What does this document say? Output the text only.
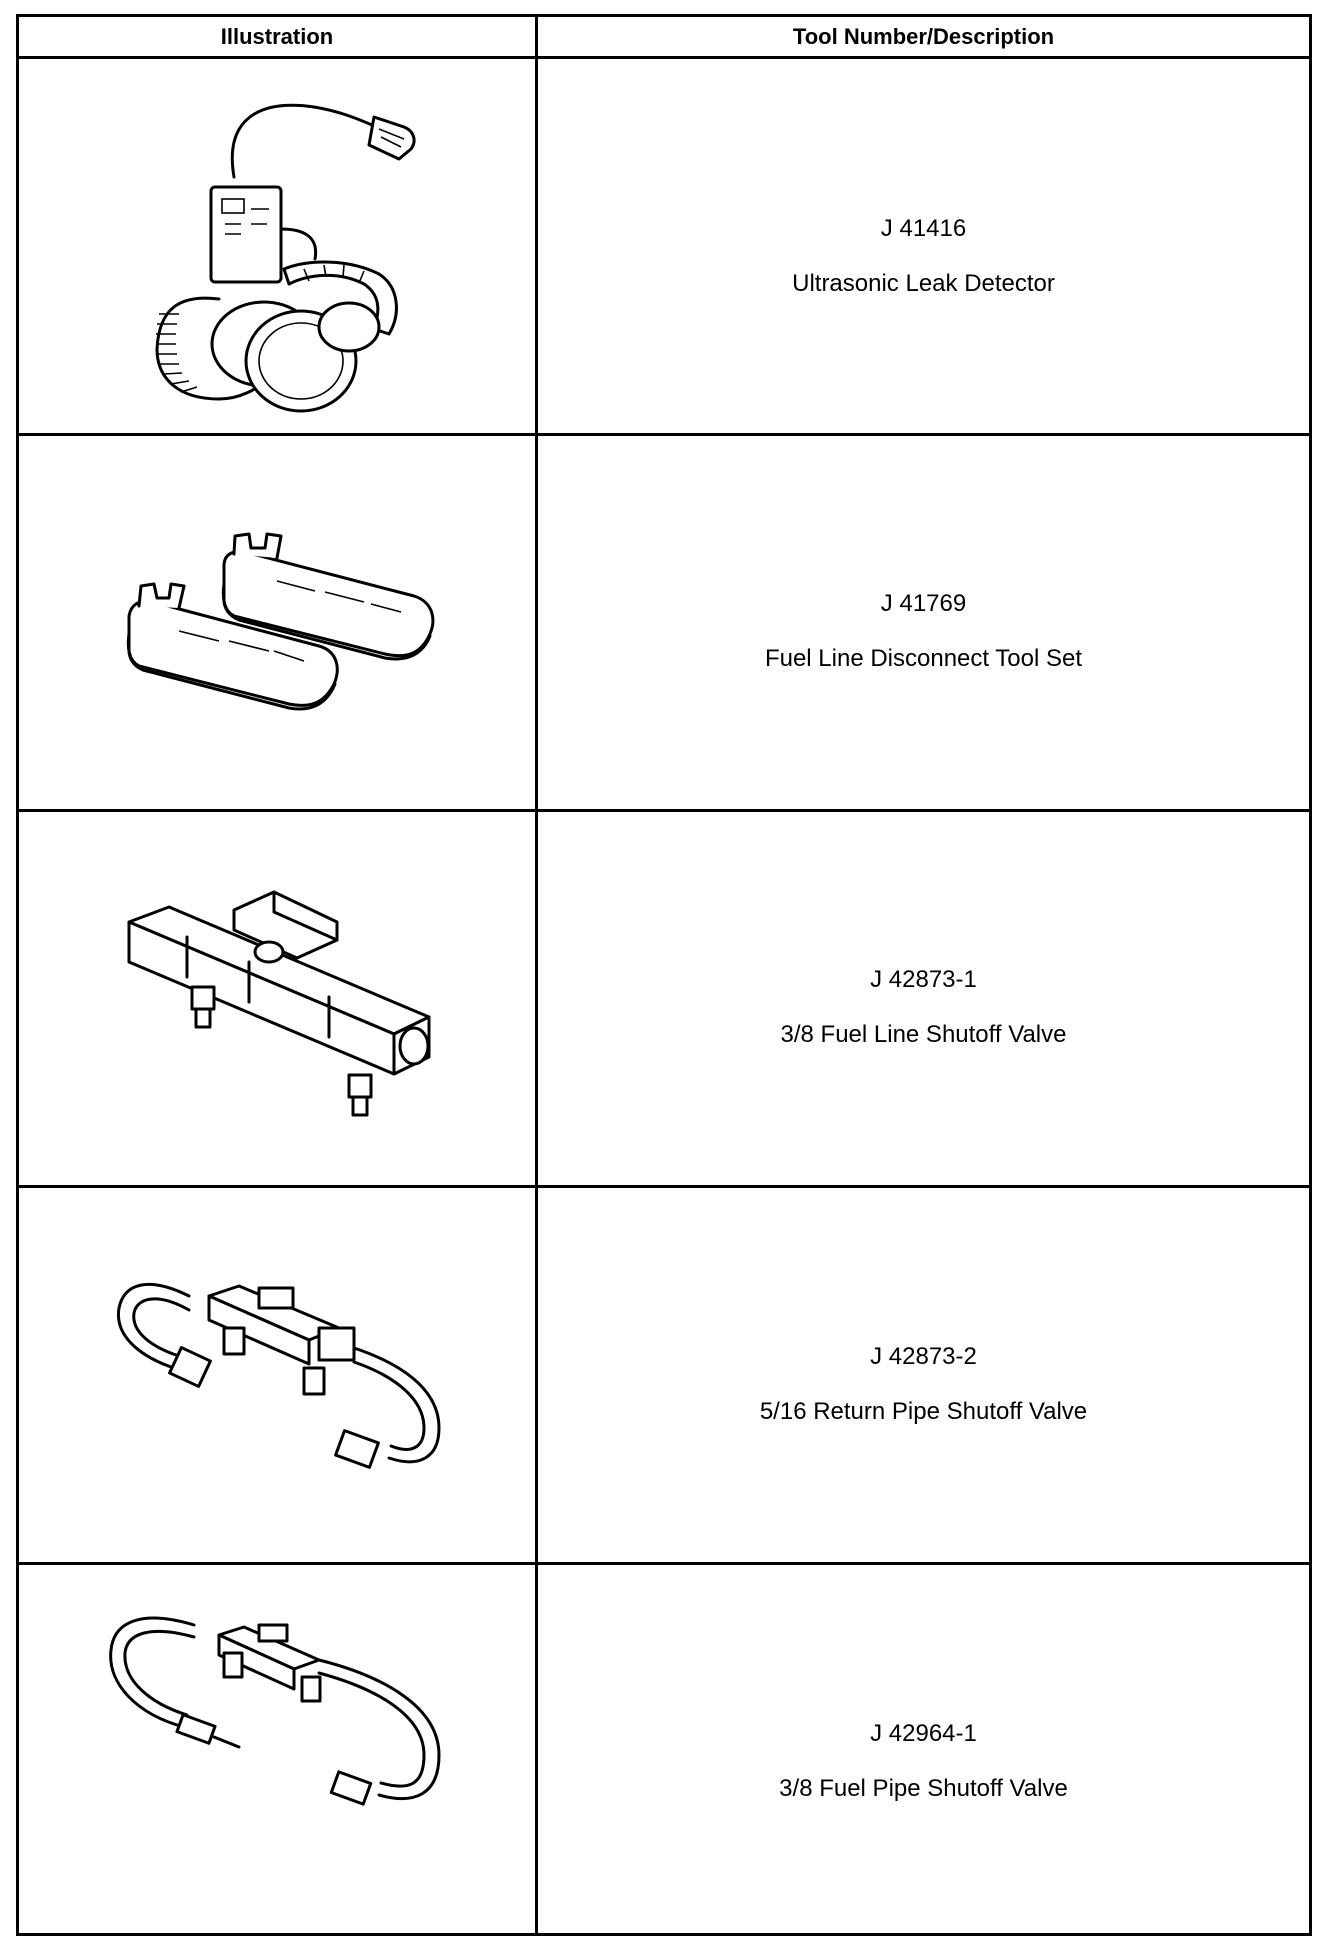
Illustration	Tool Number/Description
J 41416
Ultrasonic Leak Detector
J 41769
Fuel Line Disconnect Tool Set
J 42873-1
3/8 Fuel Line Shutoff Valve
J 42873-2
5/16 Return Pipe Shutoff Valve
J 42964-1
3/8 Fuel Pipe Shutoff Valve
